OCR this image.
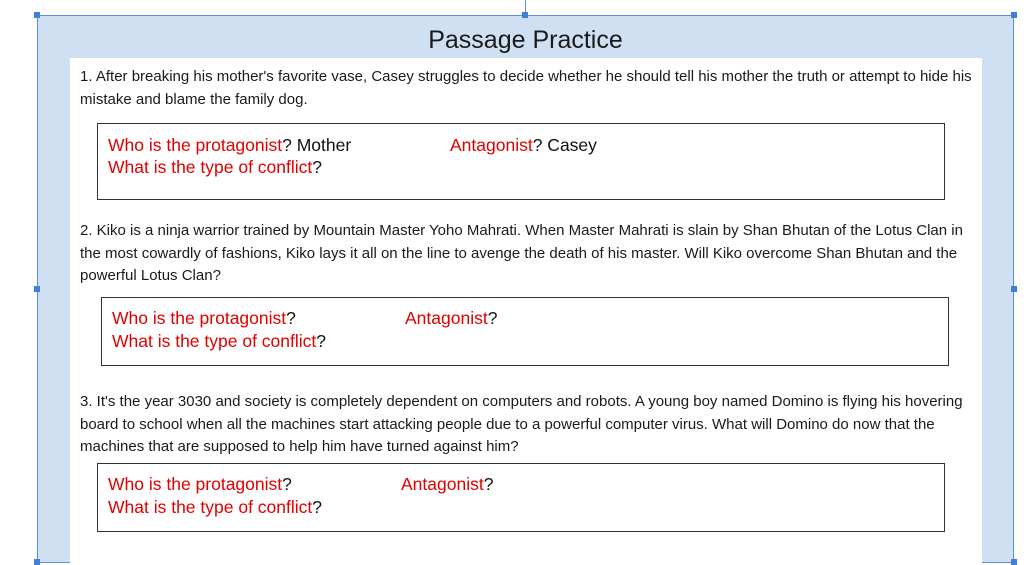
Passage Practice
1. After breaking his mother's favorite vase, Casey struggles to decide whether he should tell his mother the truth or attempt to hide his mistake and blame the family dog.
Who is the protagonist? Mother	Antagonist? Casey
What is the type of conflict?
2. Kiko is a ninja warrior trained by Mountain Master Yoho Mahrati. When Master Mahrati is slain by Shan Bhutan of the Lotus Clan in the most cowardly of fashions, Kiko lays it all on the line to avenge the death of his master. Will Kiko overcome Shan Bhutan and the powerful Lotus Clan?
Who is the protagonist?	Antagonist?
What is the type of conflict?
3. It's the year 3030 and society is completely dependent on computers and robots. A young boy named Domino is flying his hovering board to school when all the machines start attacking people due to a powerful computer virus. What will Domino do now that the machines that are supposed to help him have turned against him?
Who is the protagonist?	Antagonist?
What is the type of conflict?
